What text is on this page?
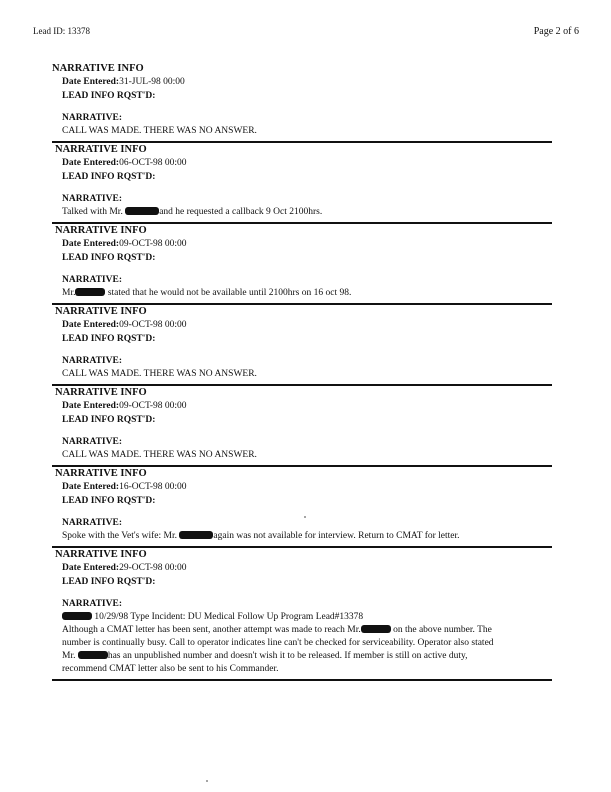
Lead ID: 13378	Page 2 of 6
NARRATIVE INFO
Date Entered:31-JUL-98 00:00
LEAD INFO RQST'D:
NARRATIVE:
CALL WAS MADE. THERE WAS NO ANSWER.
NARRATIVE INFO
Date Entered:06-OCT-98 00:00
LEAD INFO RQST'D:
NARRATIVE:
Talked with Mr.	and he requested a callback 9 Oct 2100hrs.
NARRATIVE INFO
Date Entered:09-OCT-98 00:00
LEAD INFO RQST'D:
NARRATIVE:
Mr.	stated that he would not be available until 2100hrs on 16 oct 98.
NARRATIVE INFO
Date Entered:09-OCT-98 00:00
LEAD INFO RQST'D:
NARRATIVE:
CALL WAS MADE. THERE WAS NO ANSWER.
NARRATIVE INFO
Date Entered:09-OCT-98 00:00
LEAD INFO RQST'D:
NARRATIVE:
CALL WAS MADE. THERE WAS NO ANSWER.
NARRATIVE INFO
Date Entered:16-OCT-98 00:00
LEAD INFO RQST'D:
NARRATIVE:
Spoke with the Vet's wife: Mr.	again was not available for interview. Return to CMAT for letter.
NARRATIVE INFO
Date Entered:29-OCT-98 00:00
LEAD INFO RQST'D:
NARRATIVE:

10/29/98 Type Incident: DU Medical Follow Up Program Lead#13378

Although a CMAT letter has been sent, another attempt was made to reach Mr.	on the above number. The

number is continually busy. Call to operator indicates line can't be checked for serviceability. Operator also stated

Mr.	has an unpublished number and doesn't wish it to be released. If member is still on active duty,

recommend CMAT letter also be sent to his Commander.
